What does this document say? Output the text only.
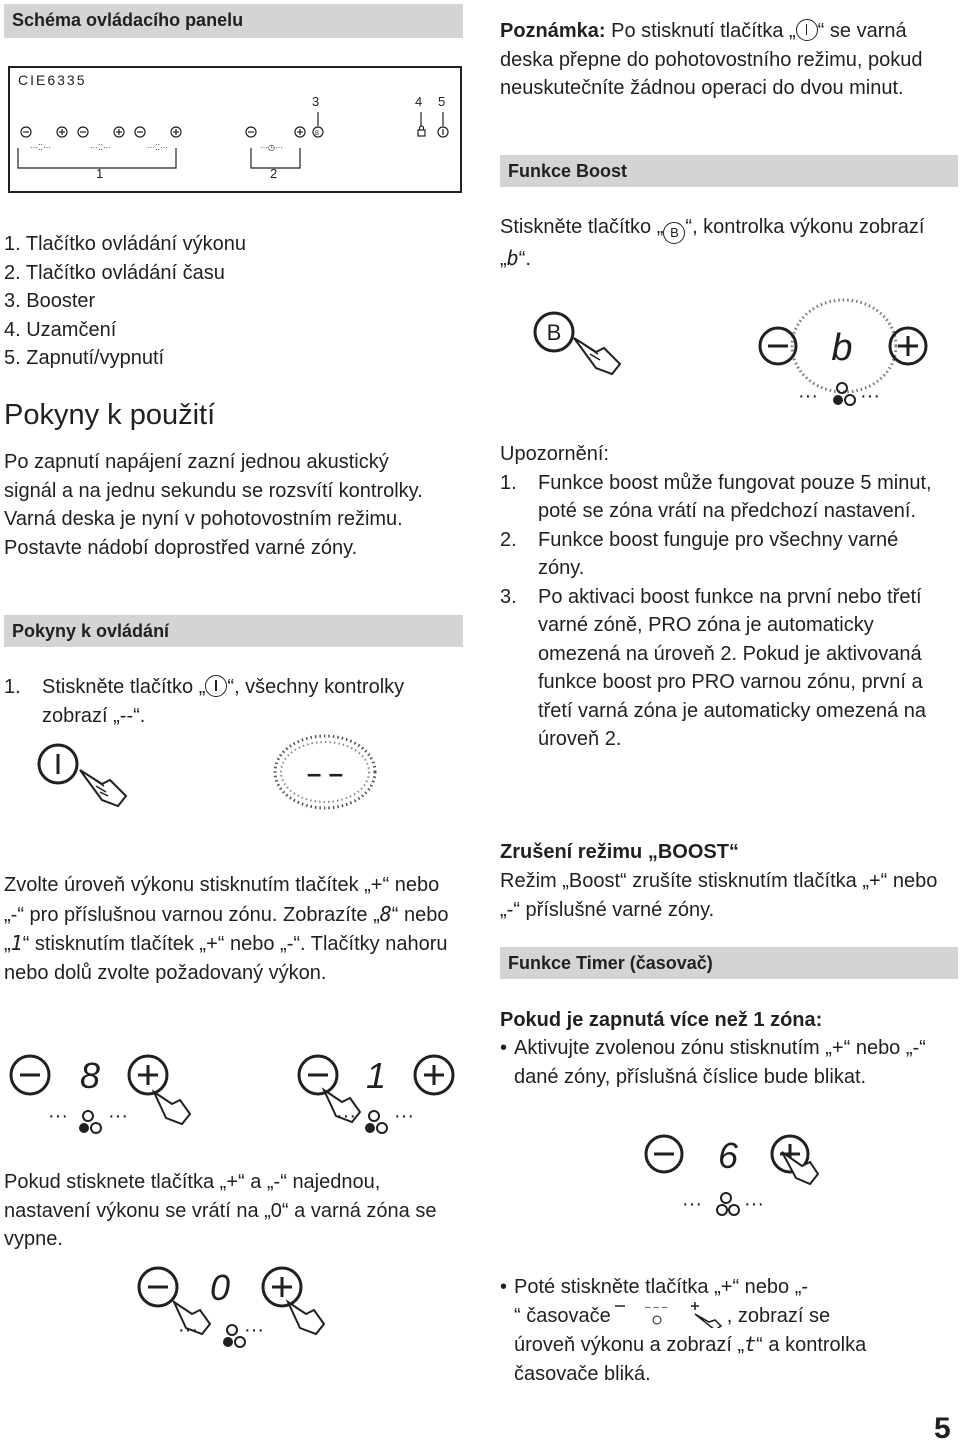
Schéma ovládacího panelu
CIE6335
B
···⁚⁚···	···⁚⁚···	···⁚⁚···	···◷···
3	4 5
1	2
1. Tlačítko ovládání výkonu
2. Tlačítko ovládání času
3. Booster
4. Uzamčení
5. Zapnutí/vypnutí
Pokyny k použití
Po zapnutí napájení zazní jednou akustický signál a na jednu sekundu se rozsvítí kontrolky. Varná deska je nyní v pohotovostním režimu. Postavte nádobí doprostřed varné zóny.
Pokyny k ovládání
1.	Stiskněte tlačítko „ “, všechny kontrolky zobrazí „--“.
– –
Zvolte úroveň výkonu stisknutím tlačítek „+“ nebo „-“ pro příslušnou varnou zónu. Zobrazíte „8“ nebo „1“ stisknutím tlačítek „+“ nebo „-“. Tlačítky nahoru nebo dolů zvolte požadovaný výkon.
8
··· ···
1
··· ···
Pokud stisknete tlačítka „+“ a „-“ najednou, nastavení výkonu se vrátí na „0“ a varná zóna se vypne.
0
··· ···
Poznámka: Po stisknutí tlačítka „ “ se varná deska přepne do pohotovostního režimu, pokud neuskutečníte žádnou operaci do dvou minut.
Funkce Boost
Stiskněte tlačítko „ B “, kontrolka výkonu zobrazí „b“.
B	b
··· ···
Upozornění:
1. Funkce boost může fungovat pouze 5 minut, poté se zóna vrátí na předchozí nastavení.
2. Funkce boost funguje pro všechny varné zóny.
3. Po aktivaci boost funkce na první nebo třetí varné zóně, PRO zóna je automaticky omezená na úroveň 2. Pokud je aktivovaná funkce boost pro PRO varnou zónu, první a třetí varná zóna je automaticky omezená na úroveň 2.
Zrušení režimu „BOOST“
Režim „Boost“ zrušíte stisknutím tlačítka „+“ nebo „-“ příslušné varné zóny.
Funkce Timer (časovač)
Pokud je zapnutá více než 1 zóna:
• Aktivujte zvolenou zónu stisknutím „+“ nebo „-“ dané zóny, příslušná číslice bude blikat.
6
··· ···
• Poté stiskněte tlačítka „+“ nebo „-
“ časovače	– – –	, zobrazí se
úroveň výkonu a zobrazí „t“ a kontrolka časovače bliká.
5
